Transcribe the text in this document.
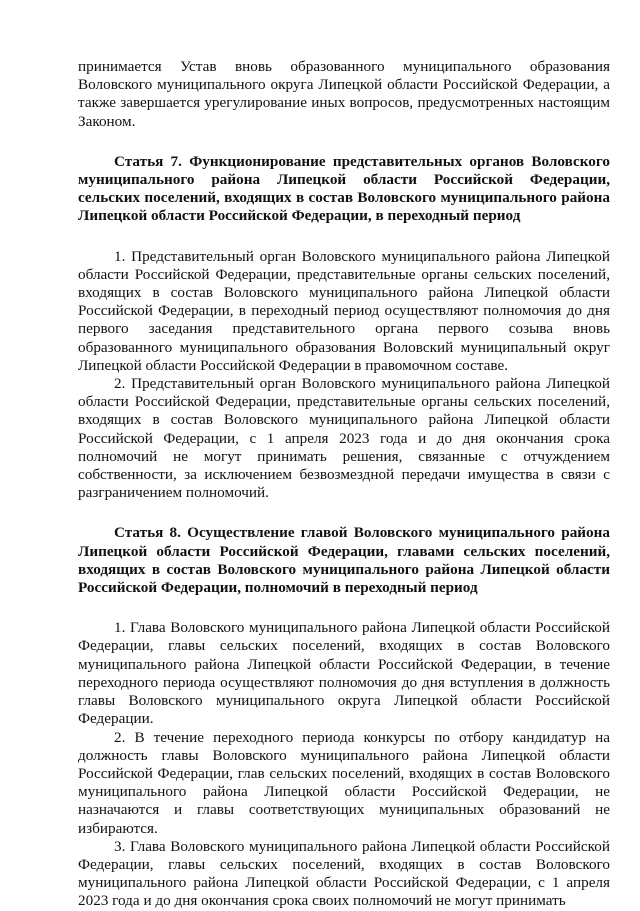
принимается Устав вновь образованного муниципального образования Воловского муниципального округа Липецкой области Российской Федерации, а также завершается урегулирование иных вопросов, предусмотренных настоящим Законом.

Статья 7. Функционирование представительных органов Воловского муниципального района Липецкой области Российской Федерации, сельских поселений, входящих в состав Воловского муниципального района Липецкой области Российской Федерации, в переходный период

1. Представительный орган Воловского муниципального района Липецкой области Российской Федерации, представительные органы сельских поселений, входящих в состав Воловского муниципального района Липецкой области Российской Федерации, в переходный период осуществляют полномочия до дня первого заседания представительного органа первого созыва вновь образованного муниципального образования Воловский муниципальный округ Липецкой области Российской Федерации в правомочном составе.

2. Представительный орган Воловского муниципального района Липецкой области Российской Федерации, представительные органы сельских поселений, входящих в состав Воловского муниципального района Липецкой области Российской Федерации, с 1 апреля 2023 года и до дня окончания срока полномочий не могут принимать решения, связанные с отчуждением собственности, за исключением безвозмездной передачи имущества в связи с разграничением полномочий.

Статья 8. Осуществление главой Воловского муниципального района Липецкой области Российской Федерации, главами сельских поселений, входящих в состав Воловского муниципального района Липецкой области Российской Федерации, полномочий в переходный период

1. Глава Воловского муниципального района Липецкой области Российской Федерации, главы сельских поселений, входящих в состав Воловского муниципального района Липецкой области Российской Федерации, в течение переходного периода осуществляют полномочия до дня вступления в должность главы Воловского муниципального округа Липецкой области Российской Федерации.

2. В течение переходного периода конкурсы по отбору кандидатур на должность главы Воловского муниципального района Липецкой области Российской Федерации, глав сельских поселений, входящих в состав Воловского муниципального района Липецкой области Российской Федерации, не назначаются и главы соответствующих муниципальных образований не избираются.

3. Глава Воловского муниципального района Липецкой области Российской Федерации, главы сельских поселений, входящих в состав Воловского муниципального района Липецкой области Российской Федерации, с 1 апреля 2023 года и до дня окончания срока своих полномочий не могут принимать
